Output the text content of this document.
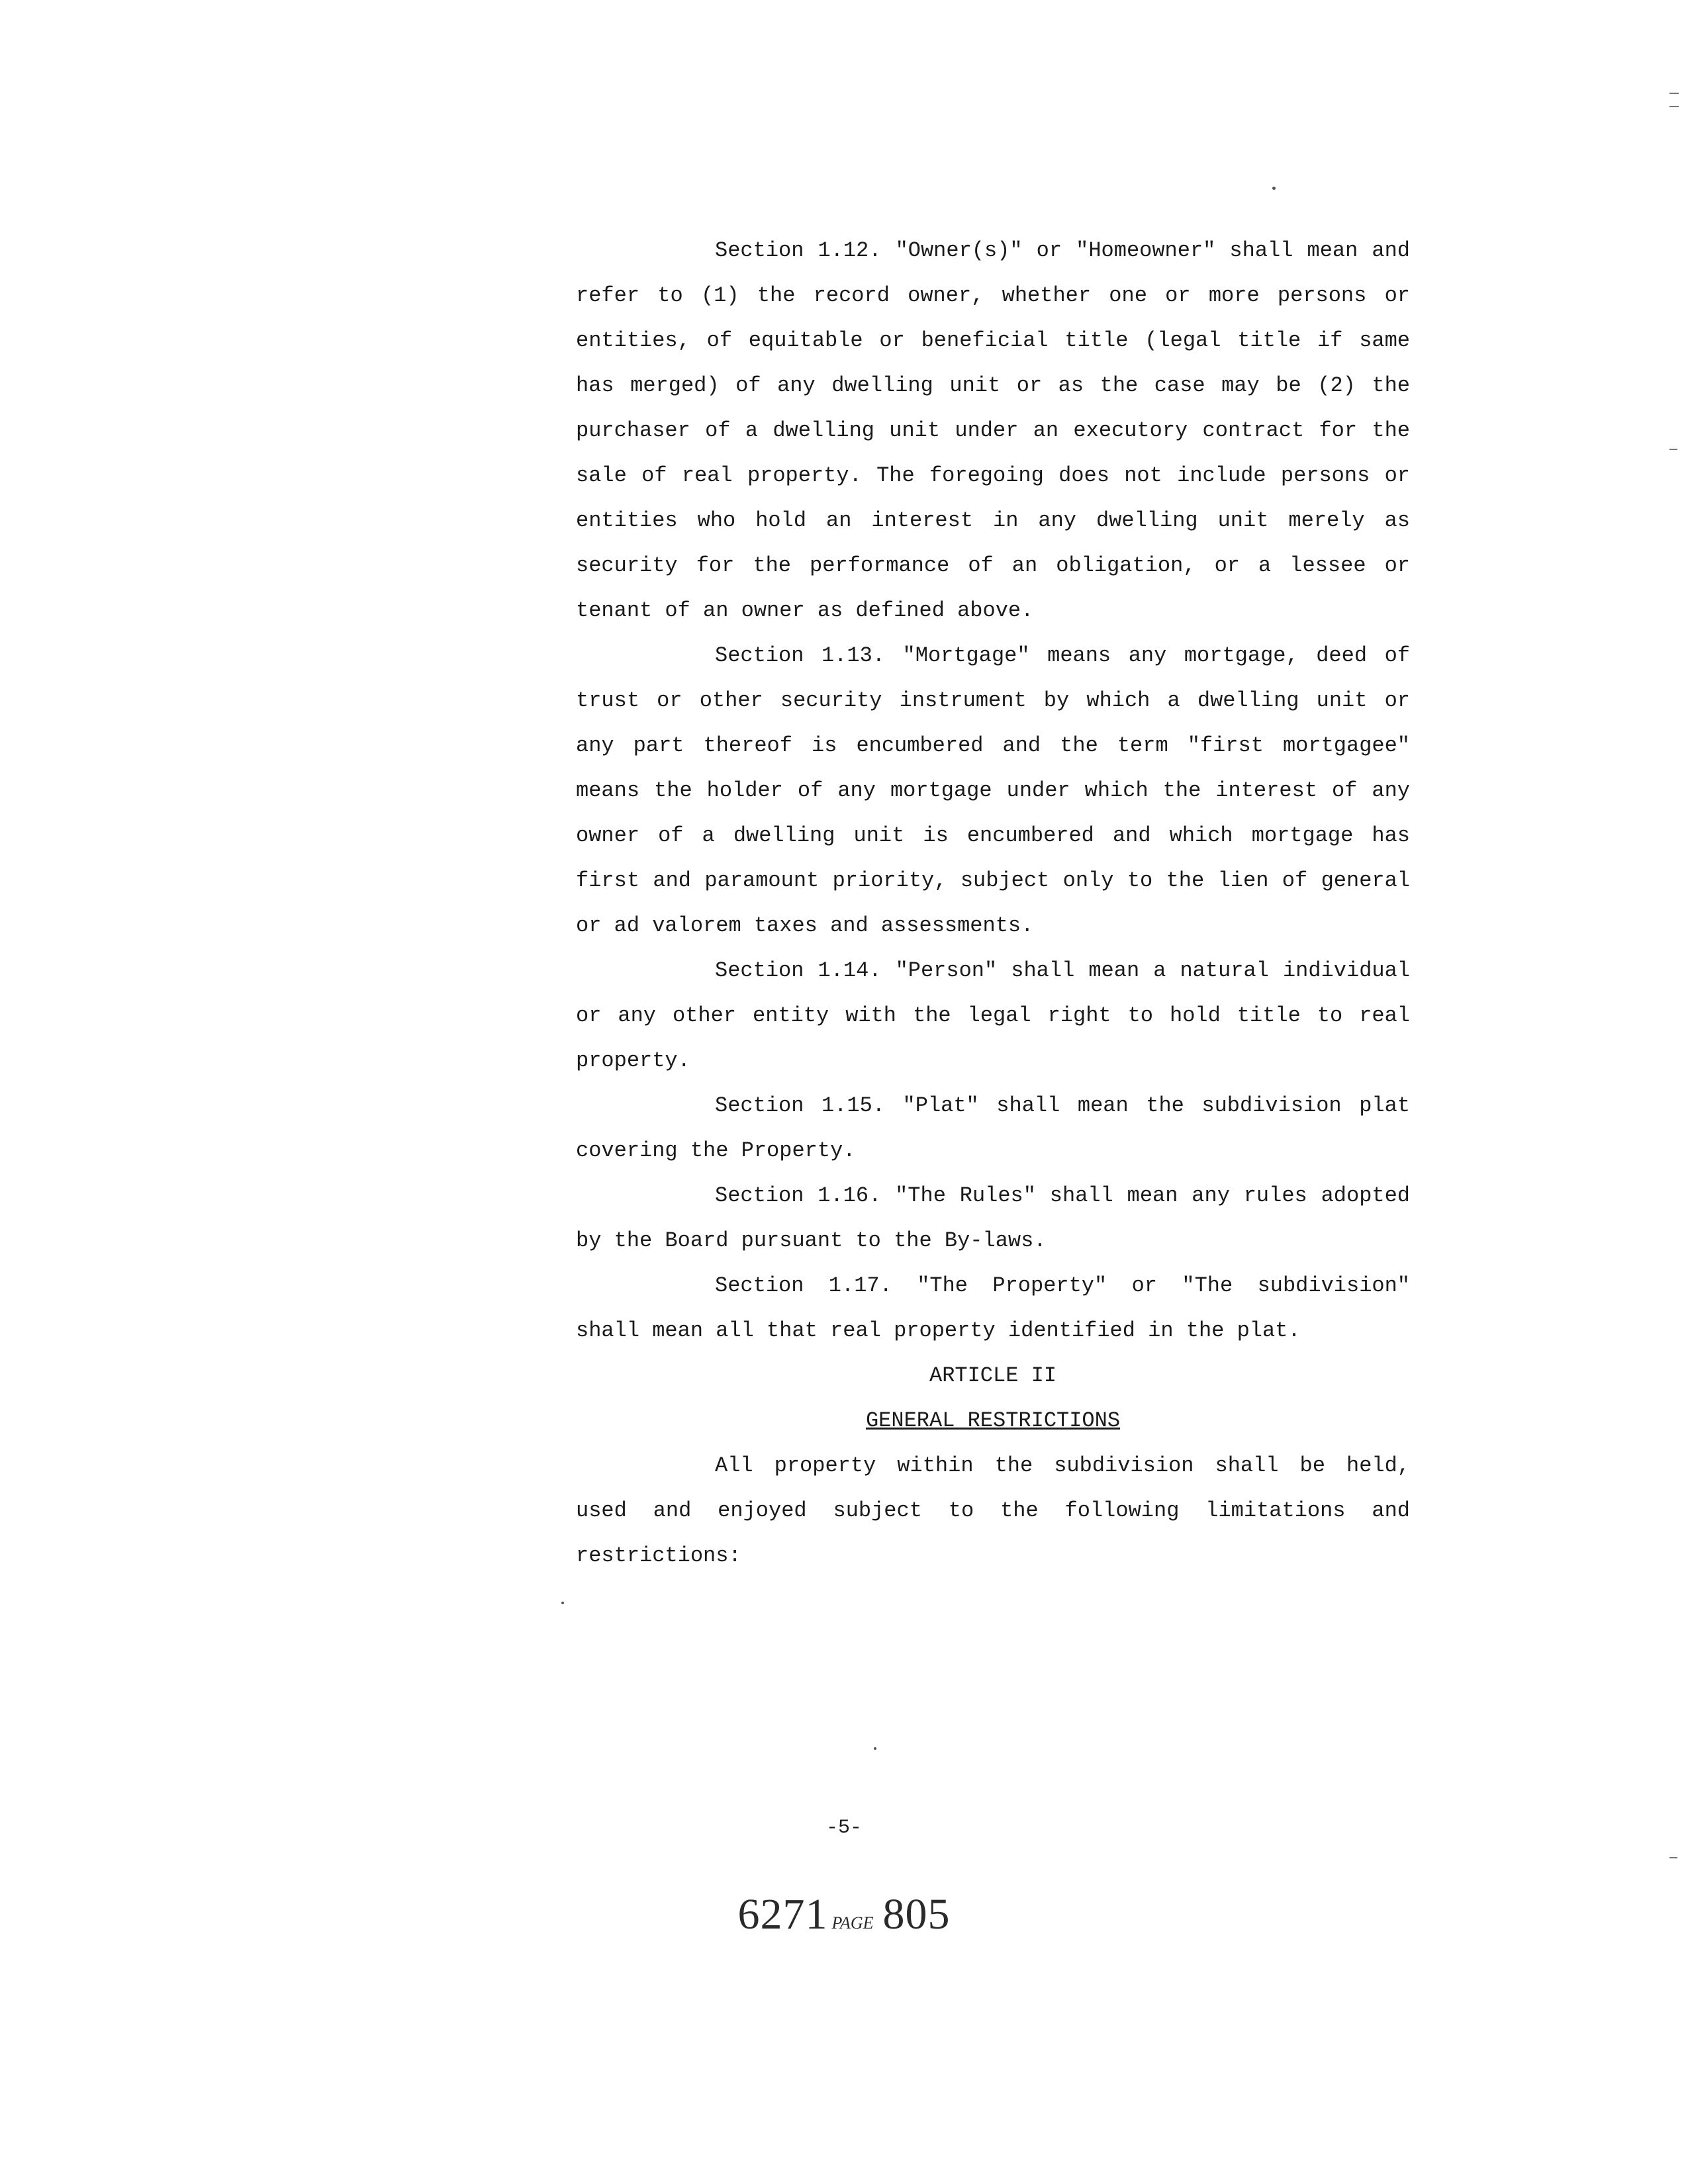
Section 1.12. "Owner(s)" or "Homeowner" shall mean and refer to (1) the record owner, whether one or more persons or entities, of equitable or beneficial title (legal title if same has merged) of any dwelling unit or as the case may be (2) the purchaser of a dwelling unit under an executory contract for the sale of real property. The foregoing does not include persons or entities who hold an interest in any dwelling unit merely as security for the performance of an obligation, or a lessee or tenant of an owner as defined above.

Section 1.13. "Mortgage" means any mortgage, deed of trust or other security instrument by which a dwelling unit or any part thereof is encumbered and the term "first mortgagee" means the holder of any mortgage under which the interest of any owner of a dwelling unit is encumbered and which mortgage has first and paramount priority, subject only to the lien of general or ad valorem taxes and assessments.

Section 1.14. "Person" shall mean a natural individual or any other entity with the legal right to hold title to real property.

Section 1.15. "Plat" shall mean the subdivision plat covering the Property.

Section 1.16. "The Rules" shall mean any rules adopted by the Board pursuant to the By-laws.

Section 1.17. "The Property" or "The subdivision" shall mean all that real property identified in the plat.

ARTICLE II

GENERAL RESTRICTIONS

All property within the subdivision shall be held, used and enjoyed subject to the following limitations and restrictions:

-5-
6271 PAGE 805
